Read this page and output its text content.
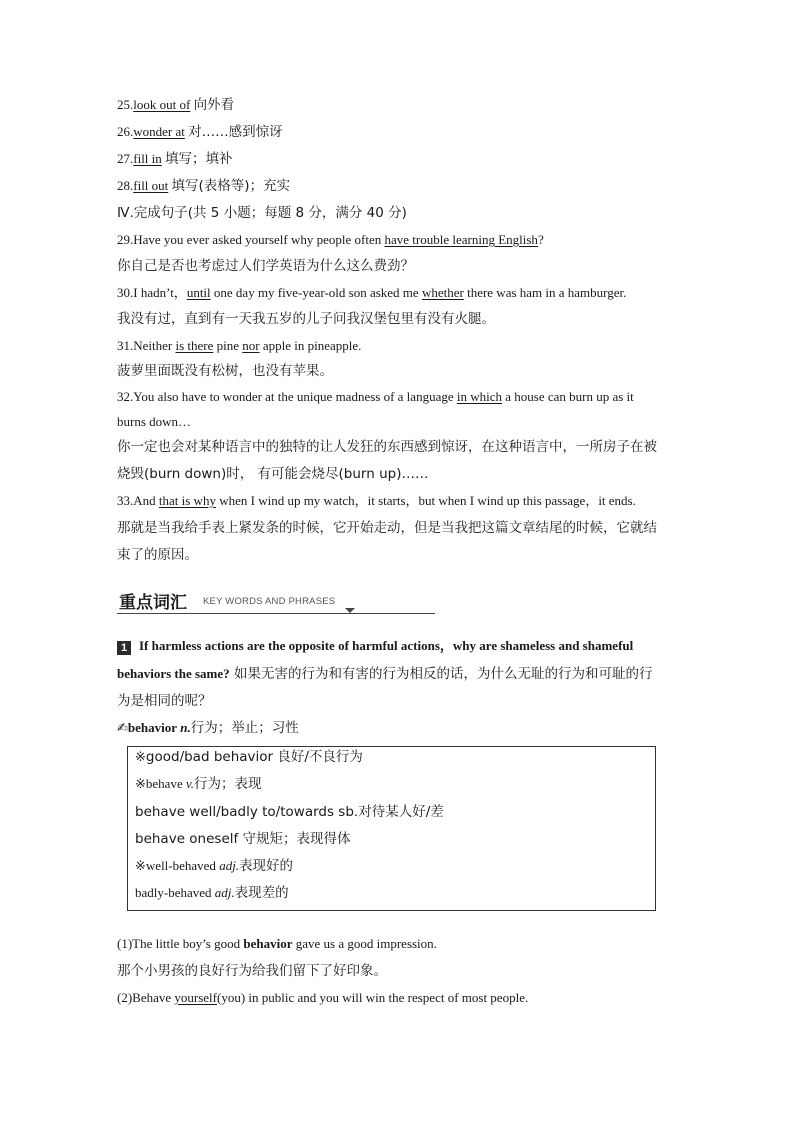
25.look out of 向外看
26.wonder at 对……感到惊讶
27.fill in 填写；填补
28.fill out 填写(表格等)；充实
Ⅳ.完成句子(共 5 小题；每题 8 分，满分 40 分)
29.Have you ever asked yourself why people often have trouble learning English?
你自己是否也考虑过人们学英语为什么这么费劲？
30.I hadn’t，until one day my five-year-old son asked me whether there was ham in a hamburger.
我没有过，直到有一天我五岁的儿子问我汉堡包里有没有火腿。
31.Neither is there pine nor apple in pineapple.
菠萝里面既没有松树，也没有苹果。
32.You also have to wonder at the unique madness of a language in which a house can burn up as it
burns down…
你一定也会对某种语言中的独特的让人发狂的东西感到惊讶，在这种语言中，一所房子在被
烧毁(burn down)时， 有可能会烧尽(burn up)……
33.And that is why when I wind up my watch，it starts，but when I wind up this passage，it ends.
那就是当我给手表上紧发条的时候，它开始走动，但是当我把这篇文章结尾的时候，它就结
束了的原因。
重点词汇 KEY WORDS AND PHRASES
1 If harmless actions are the opposite of harmful actions，why are shameless and shameful
behaviors the same? 如果无害的行为和有害的行为相反的话，为什么无耻的行为和可耻的行
为是相同的呢？
✍behavior n.行为；举止；习性
※good/bad behavior 良好/不良行为
※behave v.行为；表现
behave well/badly to/towards sb.对待某人好/差
behave oneself 守规矩；表现得体
※well-behaved adj.表现好的
badly-behaved adj.表现差的
(1)The little boy’s good behavior gave us a good impression.
那个小男孩的良好行为给我们留下了好印象。
(2)Behave yourself(you) in public and you will win the respect of most people.
